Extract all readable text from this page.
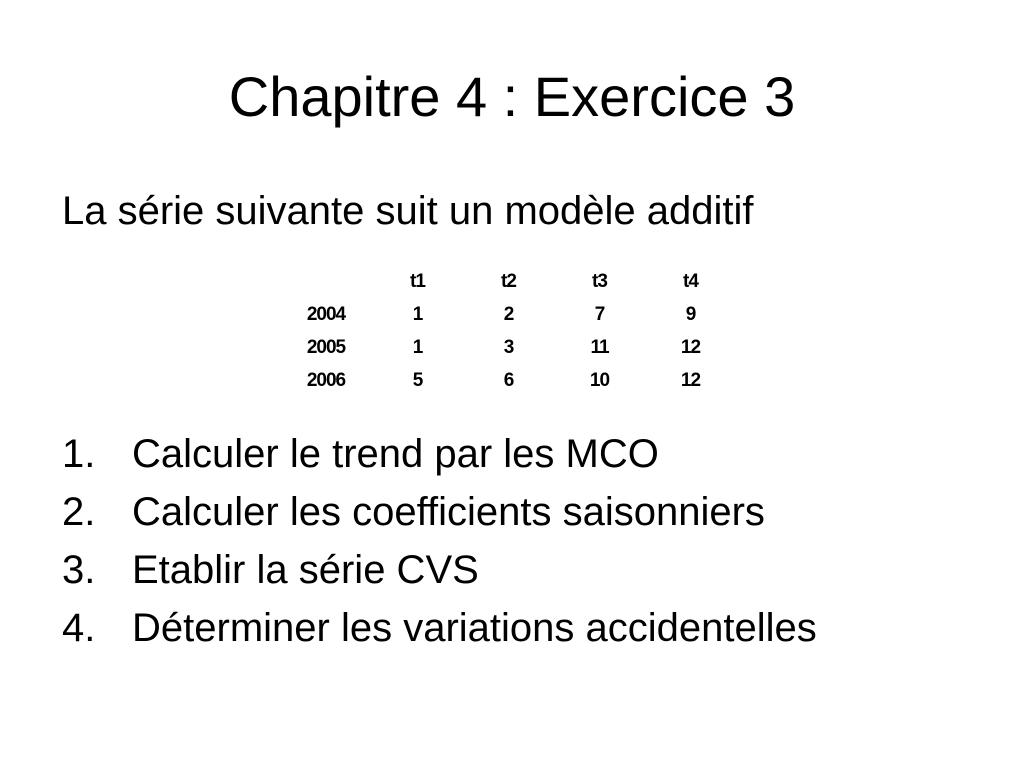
Chapitre 4 : Exercice 3
La série suivante suit un modèle additif
	t1	t2	t3	t4
2004	1	2	7	9
2005	1	3	11	12
2006	5	6	10	12
1. Calculer le trend par les MCO
2. Calculer les coefficients saisonniers
3. Etablir la série CVS
4. Déterminer les variations accidentelles
